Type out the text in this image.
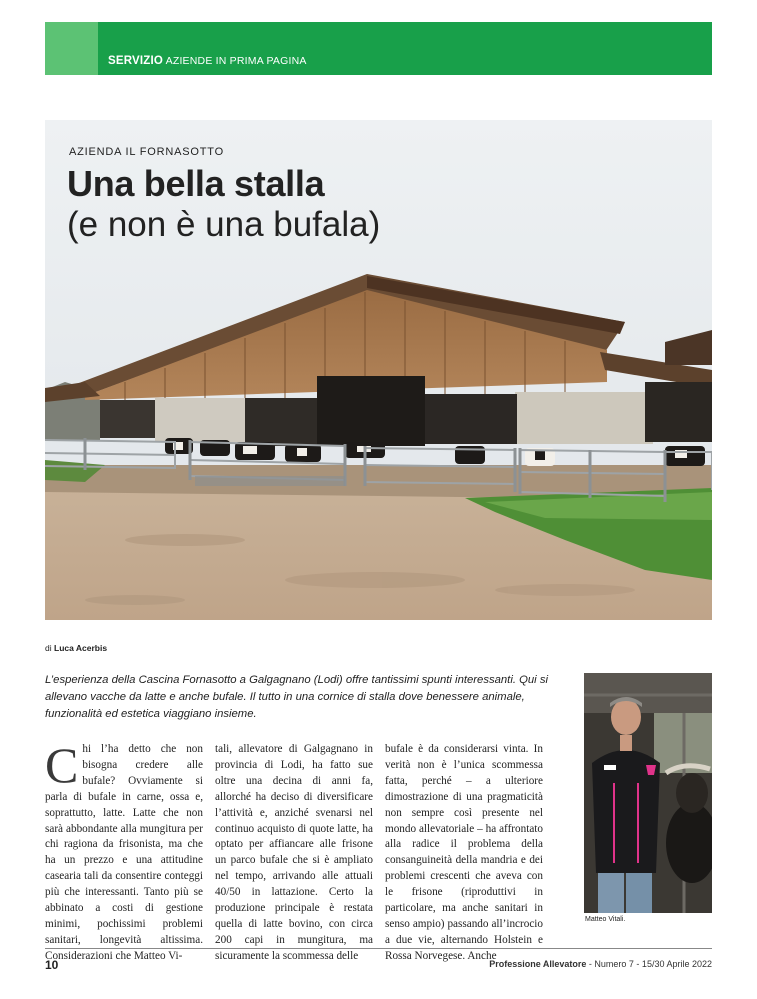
SERVIZIO AZIENDE IN PRIMA PAGINA
AZIENDA IL FORNASOTTO
Una bella stalla
(e non è una bufala)
di Luca Acerbis
L’esperienza della Cascina Fornasotto a Galgagnano (Lodi) offre tantissimi spunti interessanti. Qui si allevano vacche da latte e anche bufale. Il tutto in una cornice di stalla dove benessere animale, funzionalità ed estetica viaggiano insieme.

Chi l’ha detto che non bisogna credere alle bufale? Ovviamente si parla di bufale in carne, ossa e, soprattutto, latte. Latte che non sarà abbondante alla mungitura per chi ragiona da frisonista, ma che ha un prezzo e una attitudine casearia tali da consentire conteggi più che interessanti. Tanto più se abbinato a costi di gestione minimi, pochissimi problemi sanitari, longevità altissima. Considerazioni che Matteo Vi-

tali, allevatore di Galgagnano in provincia di Lodi, ha fatto sue oltre una decina di anni fa, allorché ha deciso di diversificare l’attività e, anziché svenarsi nel continuo acquisto di quote latte, ha optato per affiancare alle frisone un parco bufale che si è ampliato nel tempo, arrivando alle attuali 40/50 in lattazione. Certo la produzione principale è restata quella di latte bovino, con circa 200 capi in mungitura, ma sicuramente la scommessa delle

bufale è da considerarsi vinta. In verità non è l’unica scommessa fatta, perché – a ulteriore dimostrazione di una pragmaticità non sempre così presente nel mondo allevatoriale – ha affrontato alla radice il problema della consanguineità della mandria e dei problemi crescenti che aveva con le frisone (riproduttivi in particolare, ma anche sanitari in senso ampio) passando all’incrocio a due vie, alternando Holstein e Rossa Norvegese. Anche

Matteo Vitali.
10	Professione Allevatore - Numero 7 - 15/30 Aprile 2022
